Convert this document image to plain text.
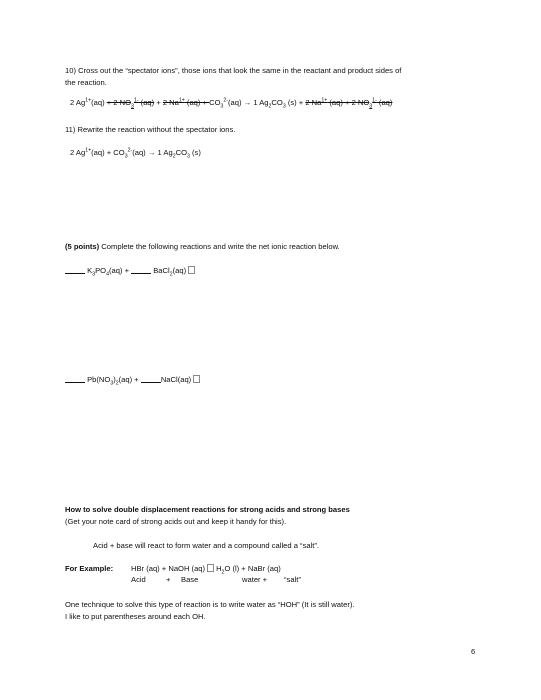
10) Cross out the “spectator ions”, those ions that look the same in the reactant and product sides of
the reaction.
2 $Ag^{1+}(aq) + 2$ $NO_3^{1-}$ (aq) + 2 $Na^{1+}$ $(aq) + CO_3^{2-}(aq) \to 1$ $Ag_2CO_3$ (s) + 2 $Na^{1+}$ (aq) + 2 $NO_3^{1-}$ (aq)
11) Rewrite the reaction without the spectator ions.
2 $Ag^{1+}(aq) + CO_3^{2-}(aq) \to 1$ $Ag_2CO_3$ (s)
(5 points) Complete the following reactions and write the net ionic reaction below.
$K_3PO_4(aq)$ +	BaCl$_2$(aq)
$Pb(NO_3)_2(aq)$ +	NaCl(aq)
How to solve double displacement reactions for strong acids and strong bases
(Get your note card of strong acids out and keep it handy for this).
Acid + base will react to form water and a compound called a “salt”.
For Example: HBr (aq) + NaOH (aq) $H_2O$ (l) + NaBr (aq)
Acid	+ Base	water + “salt”
One technique to solve this type of reaction is to write water as “HOH” (It is still water).
I like to put parentheses around each OH.
6
